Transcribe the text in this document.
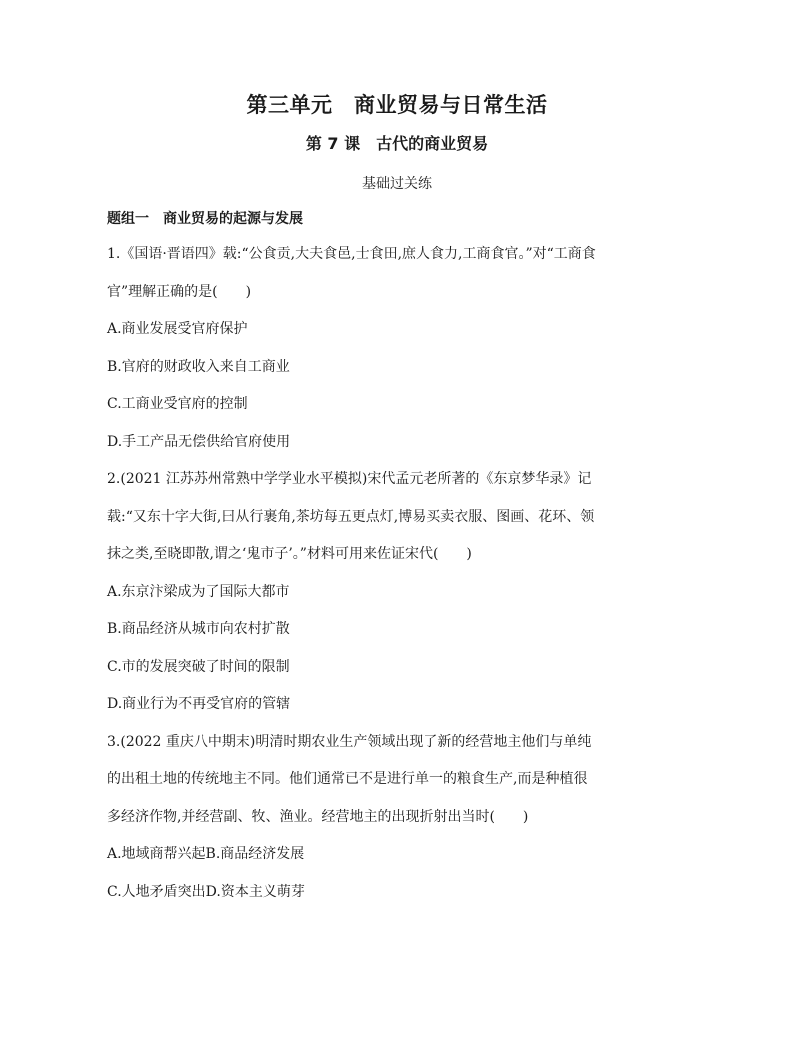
第三单元　商业贸易与日常生活
第 7 课　古代的商业贸易
基础过关练
题组一　商业贸易的起源与发展
1.《国语·晋语四》载:“公食贡,大夫食邑,士食田,庶人食力,工商食官。”对“工商食
官”理解正确的是(　　)
A.商业发展受官府保护
B.官府的财政收入来自工商业
C.工商业受官府的控制
D.手工产品无偿供给官府使用
2.(2021 江苏苏州常熟中学学业水平模拟)宋代孟元老所著的《东京梦华录》记
载:“又东十字大街,曰从行裹角,茶坊每五更点灯,博易买卖衣服、图画、花环、领
抹之类,至晓即散,谓之‘鬼市子’。”材料可用来佐证宋代(　　)
A.东京汴梁成为了国际大都市
B.商品经济从城市向农村扩散
C.市的发展突破了时间的限制
D.商业行为不再受官府的管辖
3.(2022 重庆八中期末)明清时期农业生产领域出现了新的经营地主他们与单纯
的出租土地的传统地主不同。他们通常已不是进行单一的粮食生产,而是种植很
多经济作物,并经营副、牧、渔业。经营地主的出现折射出当时(　　)
A.地域商帮兴起B.商品经济发展
C.人地矛盾突出D.资本主义萌芽
